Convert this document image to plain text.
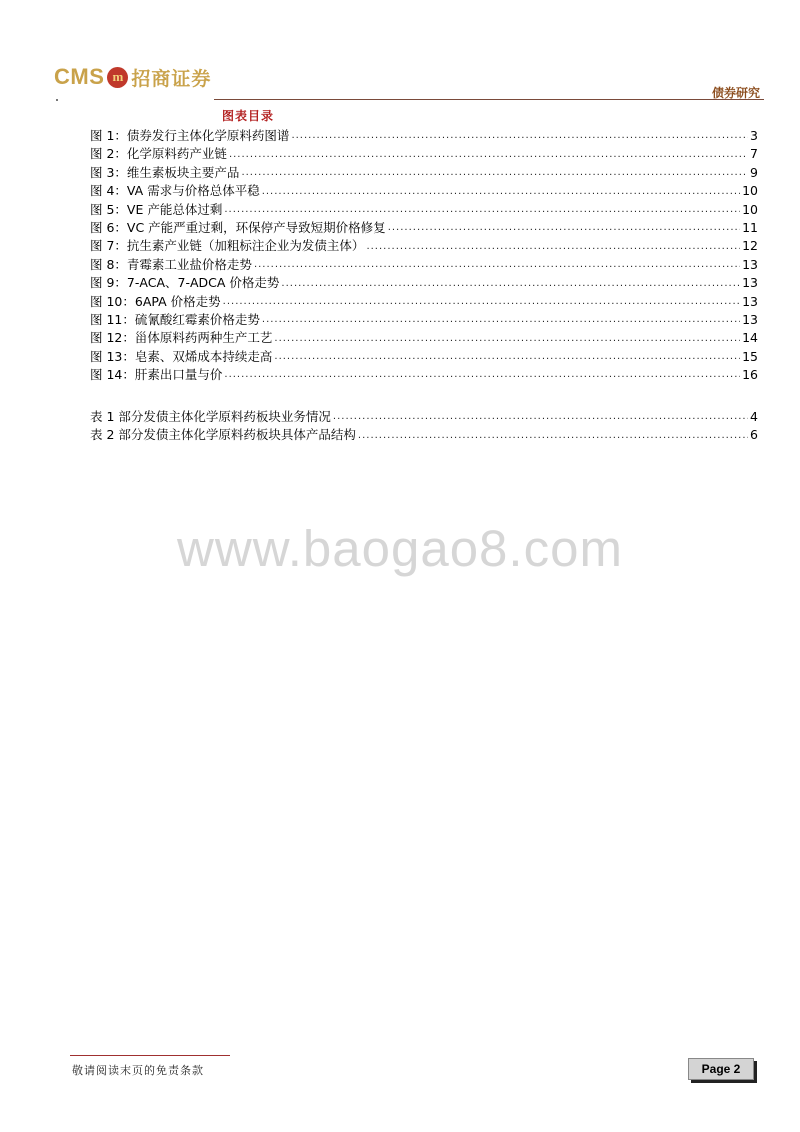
CMS m 招商证券
债券研究
图表目录
图 1：债券发行主体化学原料药图谱 .....	3
图 2：化学原料药产业链 .....	7
图 3：维生素板块主要产品 .....	9
图 4：VA 需求与价格总体平稳 .....	10
图 5：VE 产能总体过剩 .....	10
图 6：VC 产能严重过剩，环保停产导致短期价格修复 .....	11
图 7：抗生素产业链（加粗标注企业为发债主体） .....	12
图 8：青霉素工业盐价格走势 .....	13
图 9：7-ACA、7-ADCA 价格走势 .....	13
图 10：6APA 价格走势 .....	13
图 11：硫氰酸红霉素价格走势 .....	13
图 12：甾体原料药两种生产工艺 .....	14
图 13：皂素、双烯成本持续走高 .....	15
图 14：肝素出口量与价 .....	16
表 1 部分发债主体化学原料药板块业务情况 .....	4
表 2 部分发债主体化学原料药板块具体产品结构 .....	6
www.baogao8.com
敬请阅读末页的免责条款	Page 2
